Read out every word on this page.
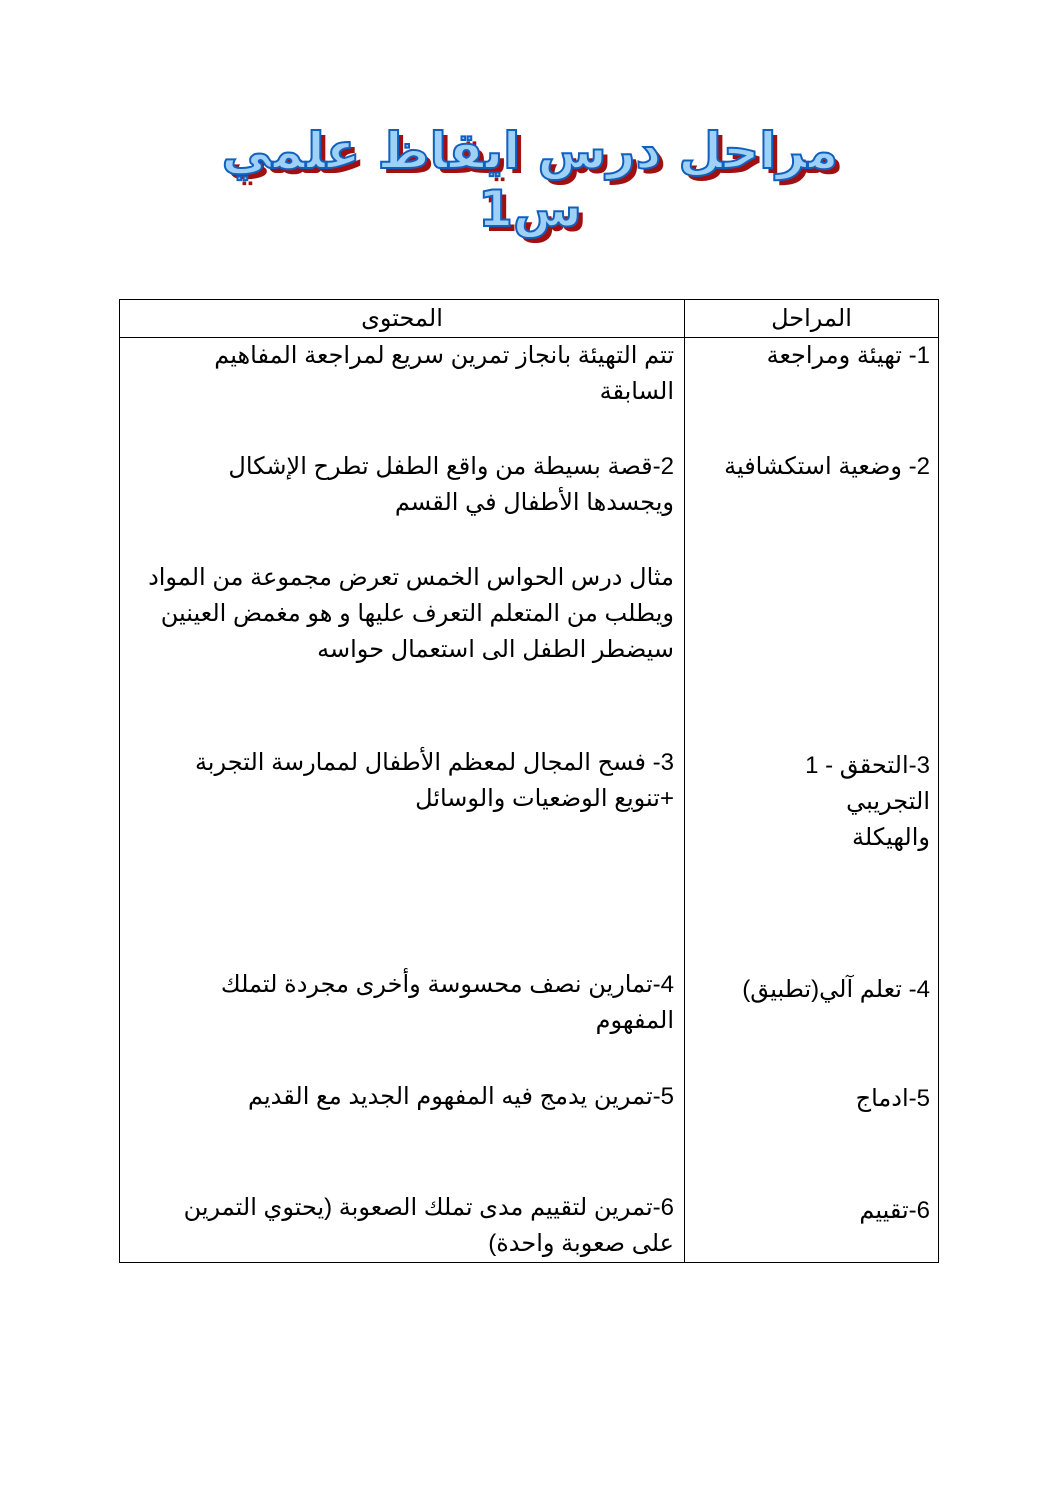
مراحل درس ايقاظ علمي س1
المحتوى	المراحل
1- تهيئة ومراجعة
2- وضعية استكشافية
3-التحقق - 1
التجريبي
والهيكلة
4- تعلم آلي(تطبيق)
5-ادماج
6-تقييم
تتم التهيئة بانجاز تمرين سريع لمراجعة المفاهيم
السابقة
2-قصة بسيطة من واقع الطفل تطرح الإشكال
ويجسدها الأطفال في القسم
مثال درس الحواس الخمس تعرض مجموعة من المواد
ويطلب من المتعلم التعرف عليها و هو مغمض العينين
سيضطر الطفل الى استعمال حواسه
3- فسح المجال لمعظم الأطفال لممارسة التجربة
+تنويع الوضعيات والوسائل
4-تمارين نصف محسوسة وأخرى مجردة لتملك
المفهوم
5-تمرين يدمج فيه المفهوم الجديد مع القديم
6-تمرين لتقييم مدى تملك الصعوبة (يحتوي التمرين
على صعوبة واحدة)
